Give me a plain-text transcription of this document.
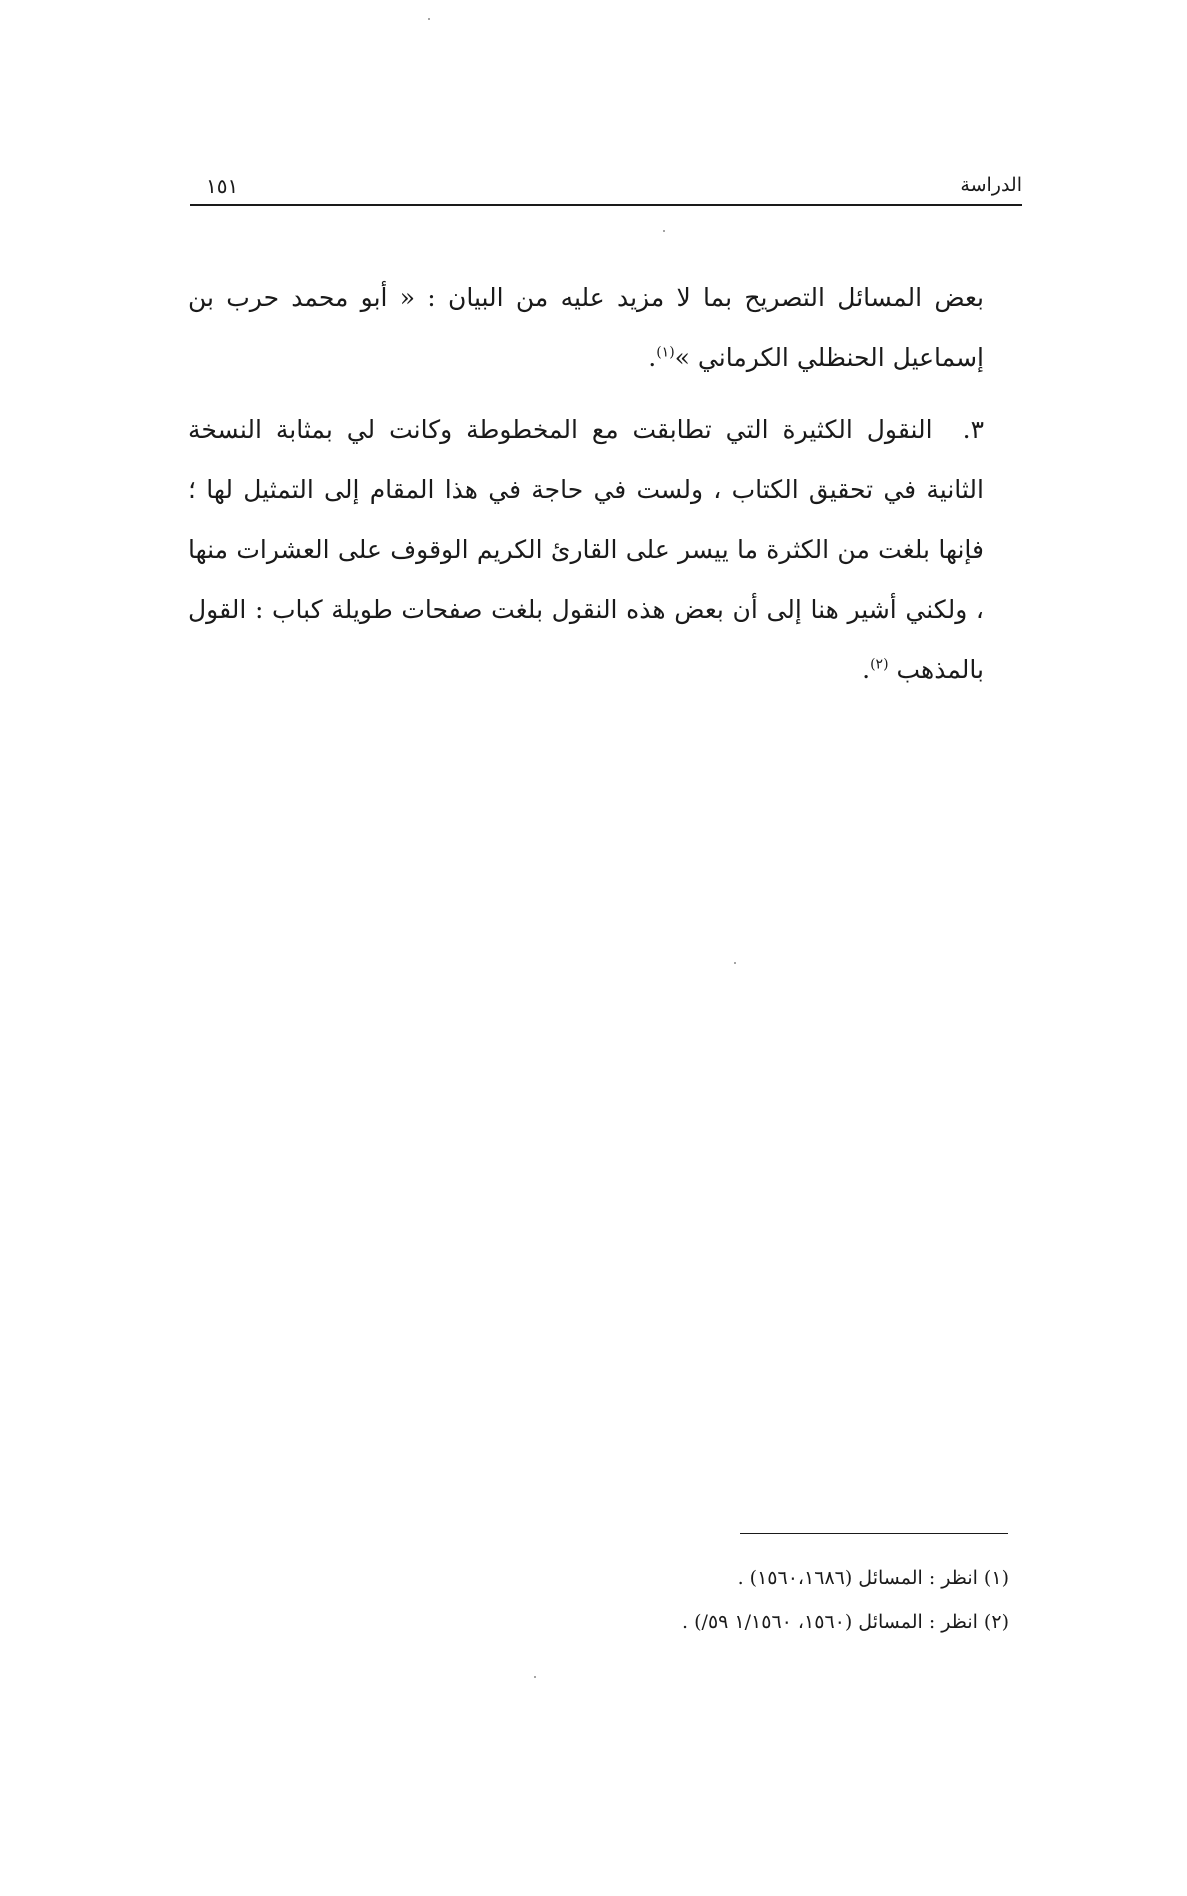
الدراسة
١٥١

بعض المسائل التصريح بما لا مزيد عليه من البيان : « أبو محمد حرب بن إسماعيل الحنظلي الكرماني »$^{(١)}$.

٣.النقول الكثيرة التي تطابقت مع المخطوطة وكانت لي بمثابة النسخة الثانية في تحقيق الكتاب ، ولست في حاجة في هذا المقام إلى التمثيل لها ؛ فإنها بلغت من الكثرة ما ييسر على القارئ الكريم الوقوف على العشرات منها ، ولكني أشير هنا إلى أن بعض هذه النقول بلغت صفحات طويلة كباب : القول بالمذهب $^{(٢)}$.

(١) انظر : المسائل (١٥٦٠،١٦٨٦) .
(٢) انظر : المسائل (١٥٦٠، ١/١٥٦٠ ٥٩/) .
